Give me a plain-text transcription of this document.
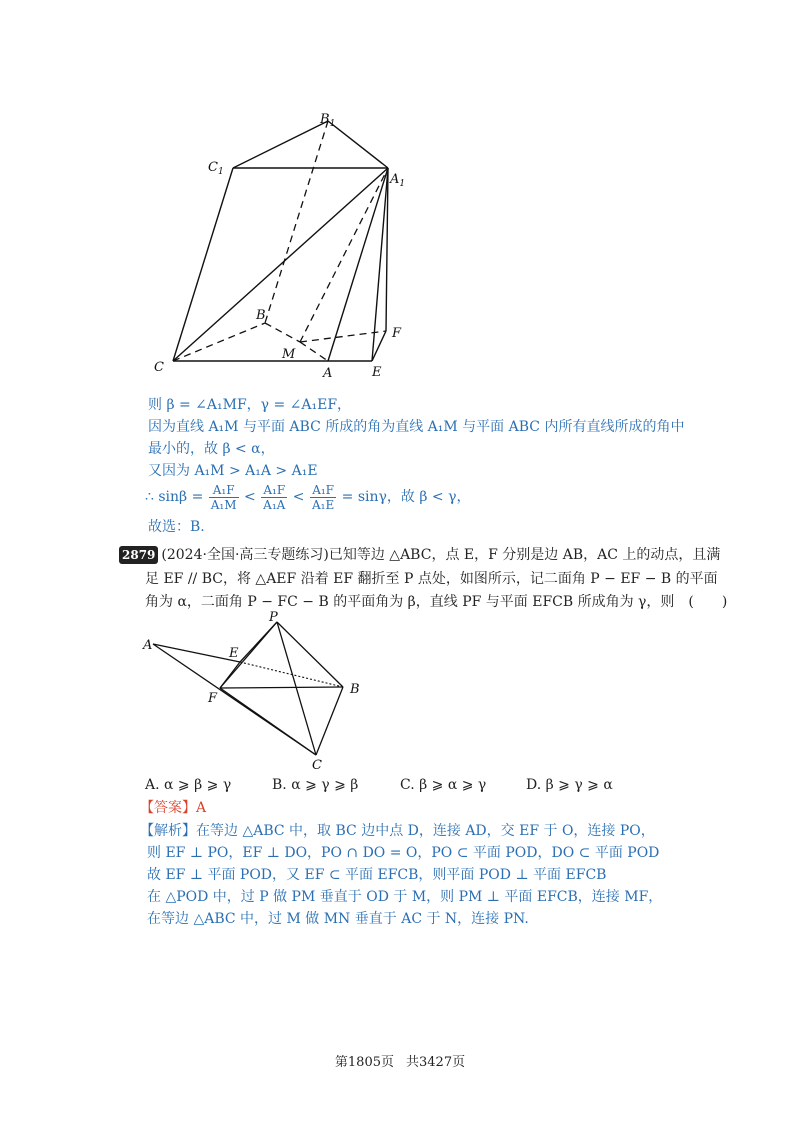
$B_1$
$C_1$	$A_1$
B
F
M
C	A	E
则 β = ∠A₁MF，γ = ∠A₁EF，
因为直线 A₁M 与平面 ABC 所成的角为直线 A₁M 与平面 ABC 内所有直线所成的角中
最小的，故 β < α，
又因为 A₁M > A₁A > A₁E
∴ $\sin\beta = \frac{\text{A₁F}}{\text{A₁M}} < \frac{\text{A₁F}}{\text{A₁A}} < \frac{\text{A₁F}}{\text{A₁E}} = \sin\gamma$，故 β < γ，
故选：B.
2879 (2024·全国·高三专题练习)已知等边 △ABC，点 E，F 分别是边 AB，AC 上的动点，且满
足 EF // BC，将 △AEF 沿着 EF 翻折至 P 点处，如图所示，记二面角 P − EF − B 的平面
角为 α，二面角 P − FC − B 的平面角为 β，直线 PF 与平面 EFCB 所成角为 γ，则　(　　)
P
A
E
B
F
C
A. α ⩾ β ⩾ γ	B. α ⩾ γ ⩾ β	C. β ⩾ α ⩾ γ	D. β ⩾ γ ⩾ α
【答案】A
【解析】在等边 △ABC 中，取 BC 边中点 D，连接 AD，交 EF 于 O，连接 PO，
则 EF ⊥ PO，EF ⊥ DO，PO ∩ DO = O，PO ⊂ 平面 POD，DO ⊂ 平面 POD
故 EF ⊥ 平面 POD，又 EF ⊂ 平面 EFCB，则平面 POD ⊥ 平面 EFCB
在 △POD 中，过 P 做 PM 垂直于 OD 于 M，则 PM ⊥ 平面 EFCB，连接 MF，
在等边 △ABC 中，过 M 做 MN 垂直于 AC 于 N，连接 PN.
第1805页 共3427页
